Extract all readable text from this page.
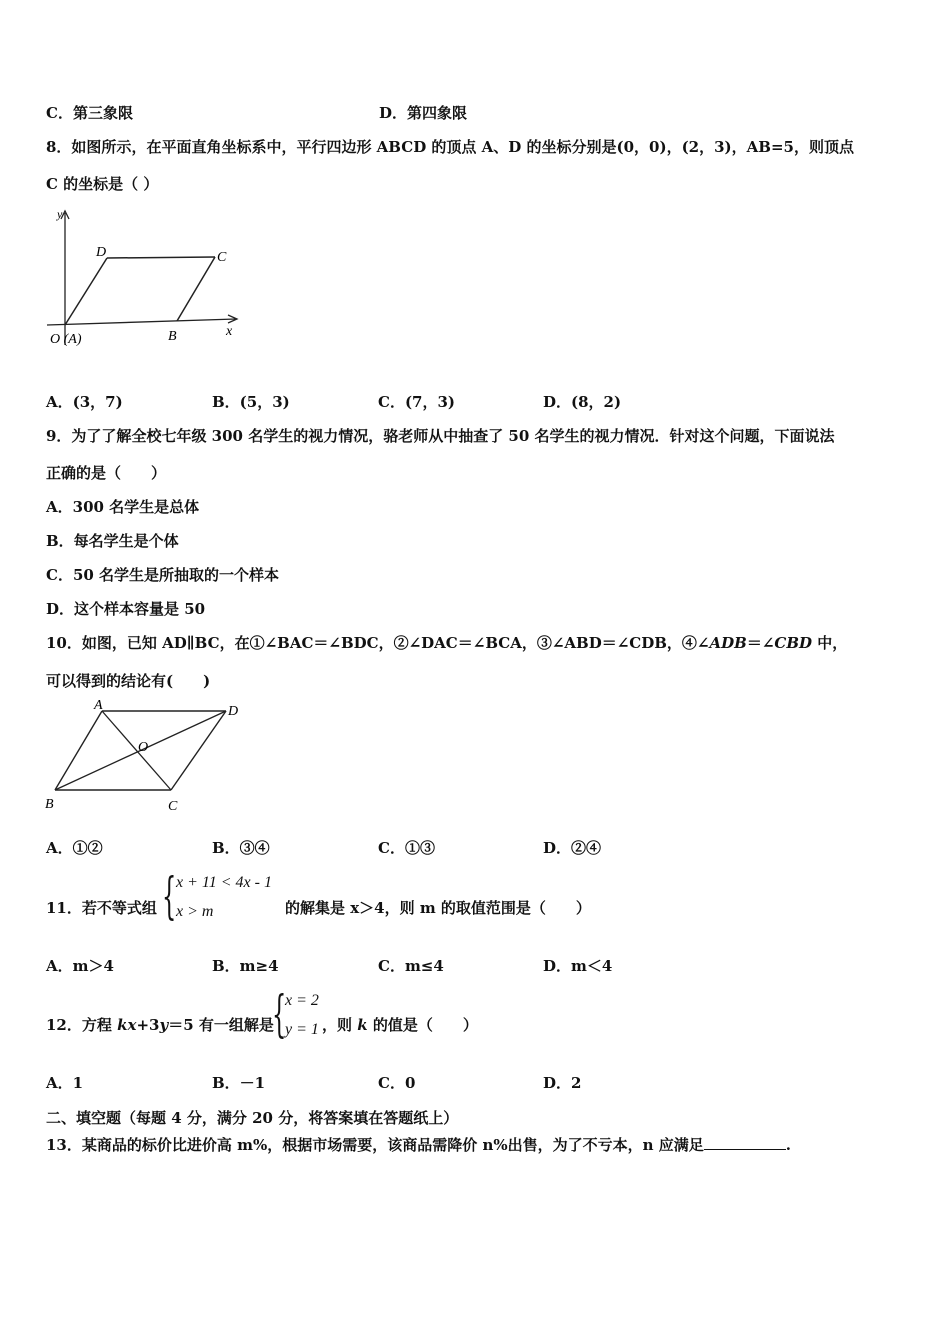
C．第三象限	D．第四象限
8．如图所示，在平面直角坐标系中，平行四边形 ABCD 的顶点 A、D 的坐标分别是(0，0)，(2，3)，AB=5，则顶点
C 的坐标是（ ）
y
x
D	C
B
O (A)
A．(3，7)	B．(5，3)	C．(7，3)	D．(8，2)
9．为了了解全校七年级 300 名学生的视力情况，骆老师从中抽查了 50 名学生的视力情况．针对这个问题，下面说法
正确的是（　　）
A．300 名学生是总体
B．每名学生是个体
C．50 名学生是所抽取的一个样本
D．这个样本容量是 50
10．如图，已知 AD∥BC，在①∠BAC＝∠BDC，②∠DAC＝∠BCA，③∠ABD＝∠CDB，④∠ADB＝∠CBD 中，
可以得到的结论有(　　)
A	D
O
B	C
A．①②	B．③④	C．①③	D．②④
11．若不等式组 { x + 11 < 4x - 1
x > m	的解集是 x＞4，则 m 的取值范围是（　　）
A．m＞4	B．m≥4	C．m≤4	D．m＜4
12．方程 kx+3y＝5 有一组解是
{
x = 2
y = 1 ，则 k 的值是（　　）
A．1	B．－1	C．0	D．2
二、填空题（每题 4 分，满分 20 分，将答案填在答题纸上）
13．某商品的标价比进价高 m%，根据市场需要，该商品需降价 n%出售，为了不亏本，n 应满足	.
